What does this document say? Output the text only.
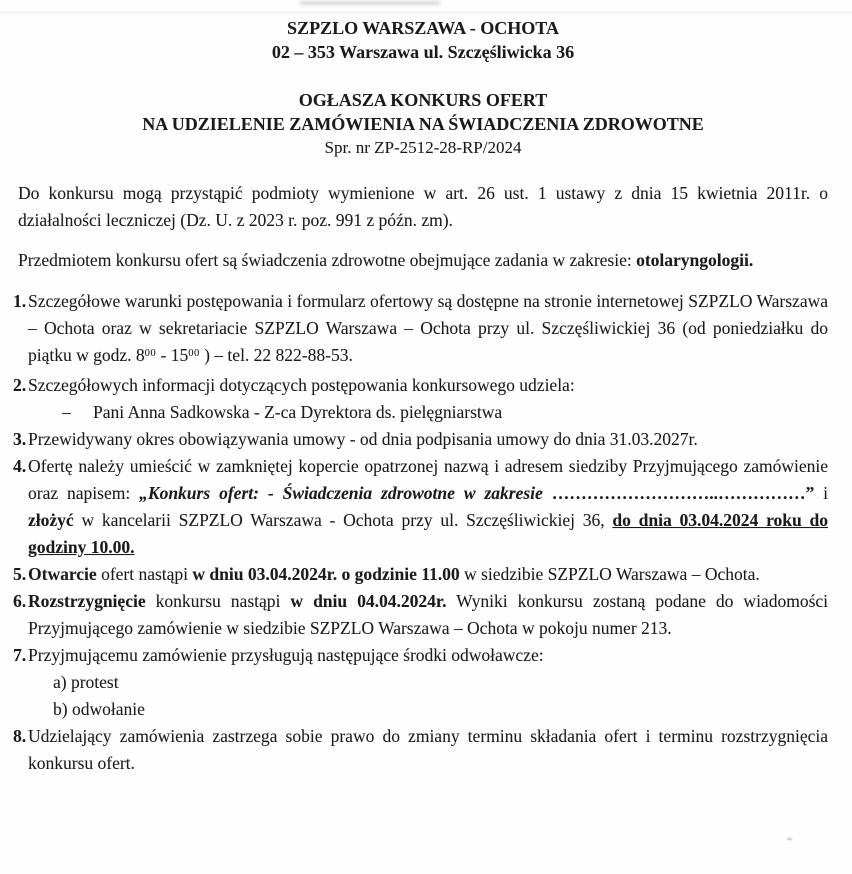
SZPZLO WARSZAWA - OCHOTA
02 – 353 Warszawa ul. Szczęśliwicka 36
OGŁASZA KONKURS OFERT
NA UDZIELENIE ZAMÓWIENIA NA ŚWIADCZENIA ZDROWOTNE
Spr. nr ZP-2512-28-RP/2024

Do konkursu mogą przystąpić podmioty wymienione w art. 26 ust. 1 ustawy z dnia 15 kwietnia 2011r. o działalności leczniczej (Dz. U. z 2023 r. poz. 991 z późn. zm).

Przedmiotem konkursu ofert są świadczenia zdrowotne obejmujące zadania w zakresie: otolaryngologii.

1. Szczegółowe warunki postępowania i formularz ofertowy są dostępne na stronie internetowej SZPZLO Warszawa – Ochota oraz w sekretariacie SZPZLO Warszawa – Ochota przy ul. Szczęśliwickiej 36 (od poniedziałku do piątku w godz. $8^{00} - 15^{00}$ ) – tel. 22 822-88-53.
2. Szczegółowych informacji dotyczących postępowania konkursowego udziela:
– Pani Anna Sadkowska - Z-ca Dyrektora ds. pielęgniarstwa
3. Przewidywany okres obowiązywania umowy - od dnia podpisania umowy do dnia 31.03.2027r.
4. Ofertę należy umieścić w zamkniętej kopercie opatrzonej nazwą i adresem siedziby Przyjmującego zamówienie oraz napisem: „Konkurs ofert: - Świadczenia zdrowotne w zakresie ………………………..……………” i złożyć w kancelarii SZPZLO Warszawa - Ochota przy ul. Szczęśliwickiej 36, do dnia 03.04.2024 roku do godziny 10.00.
5. Otwarcie ofert nastąpi w dniu 03.04.2024r. o godzinie 11.00 w siedzibie SZPZLO Warszawa – Ochota.
6. Rozstrzygnięcie konkursu nastąpi w dniu 04.04.2024r. Wyniki konkursu zostaną podane do wiadomości Przyjmującego zamówienie w siedzibie SZPZLO Warszawa – Ochota w pokoju numer 213.
7. Przyjmującemu zamówienie przysługują następujące środki odwoławcze:
a) protest
b) odwołanie
8. Udzielający zamówienia zastrzega sobie prawo do zmiany terminu składania ofert i terminu rozstrzygnięcia konkursu ofert.
